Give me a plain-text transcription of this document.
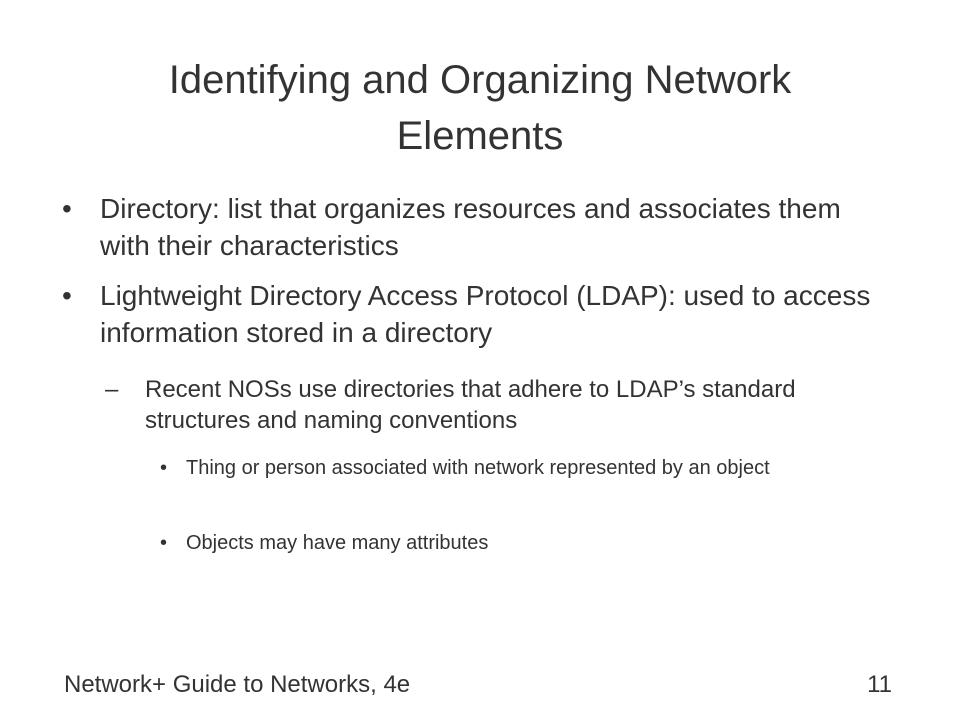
Identifying and Organizing Network Elements
• Directory: list that organizes resources and associates them with their characteristics
• Lightweight Directory Access Protocol (LDAP): used to access information stored in a directory
– Recent NOSs use directories that adhere to LDAP’s standard structures and naming conventions
• Thing or person associated with network represented by an object
• Objects may have many attributes
Network+ Guide to Networks, 4e	11
